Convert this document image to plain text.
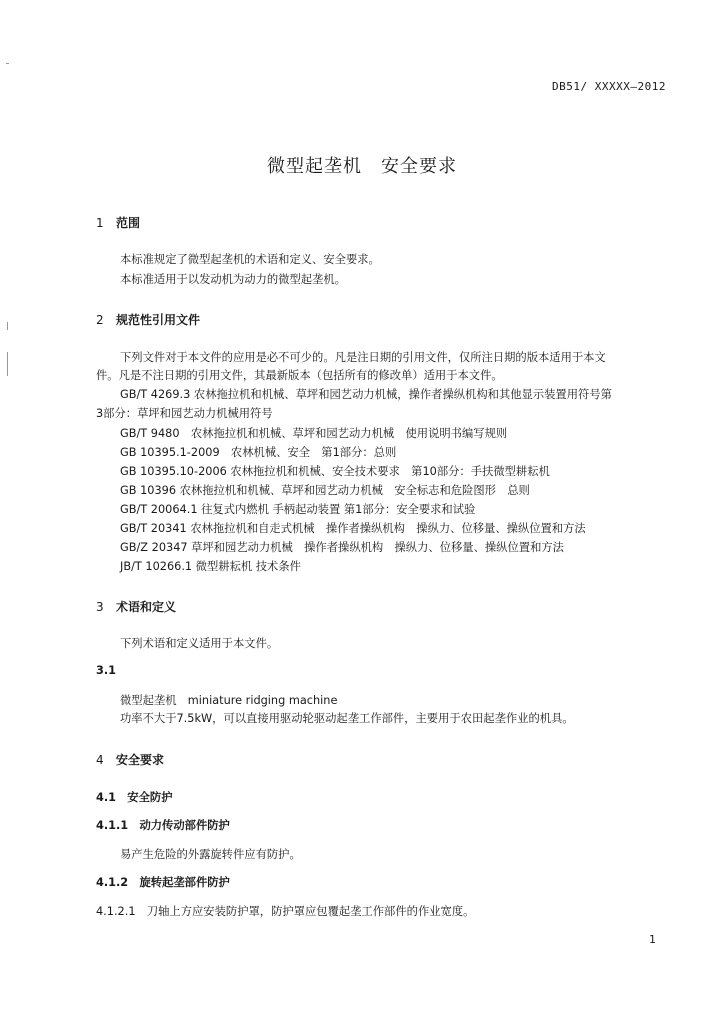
DB51/ XXXXX—2012
微型起垄机　安全要求
1 范围
本标准规定了微型起垄机的术语和定义、安全要求。
本标准适用于以发动机为动力的微型起垄机。
2 规范性引用文件
下列文件对于本文件的应用是必不可少的。凡是注日期的引用文件，仅所注日期的版本适用于本文
件。凡是不注日期的引用文件，其最新版本（包括所有的修改单）适用于本文件。
GB/T 4269.3 农林拖拉机和机械、草坪和园艺动力机械，操作者操纵机构和其他显示装置用符号第
3部分：草坪和园艺动力机械用符号
GB/T 9480　农林拖拉机和机械、草坪和园艺动力机械　使用说明书编写规则
GB 10395.1-2009　农林机械、安全　第1部分：总则
GB 10395.10-2006 农林拖拉机和机械、安全技术要求　第10部分：手扶微型耕耘机
GB 10396 农林拖拉机和机械、草坪和园艺动力机械　安全标志和危险图形　总则
GB/T 20064.1 往复式内燃机 手柄起动装置 第1部分：安全要求和试验
GB/T 20341 农林拖拉机和自走式机械　操作者操纵机构　操纵力、位移量、操纵位置和方法
GB/Z 20347 草坪和园艺动力机械　操作者操纵机构　操纵力、位移量、操纵位置和方法
JB/T 10266.1 微型耕耘机 技术条件
3 术语和定义
下列术语和定义适用于本文件。
3.1
微型起垄机　miniature ridging machine
功率不大于7.5kW，可以直接用驱动轮驱动起垄工作部件，主要用于农田起垄作业的机具。
4 安全要求
4.1　安全防护
4.1.1　动力传动部件防护
易产生危险的外露旋转件应有防护。
4.1.2　旋转起垄部件防护
4.1.2.1　刀轴上方应安装防护罩，防护罩应包覆起垄工作部件的作业宽度。
1
